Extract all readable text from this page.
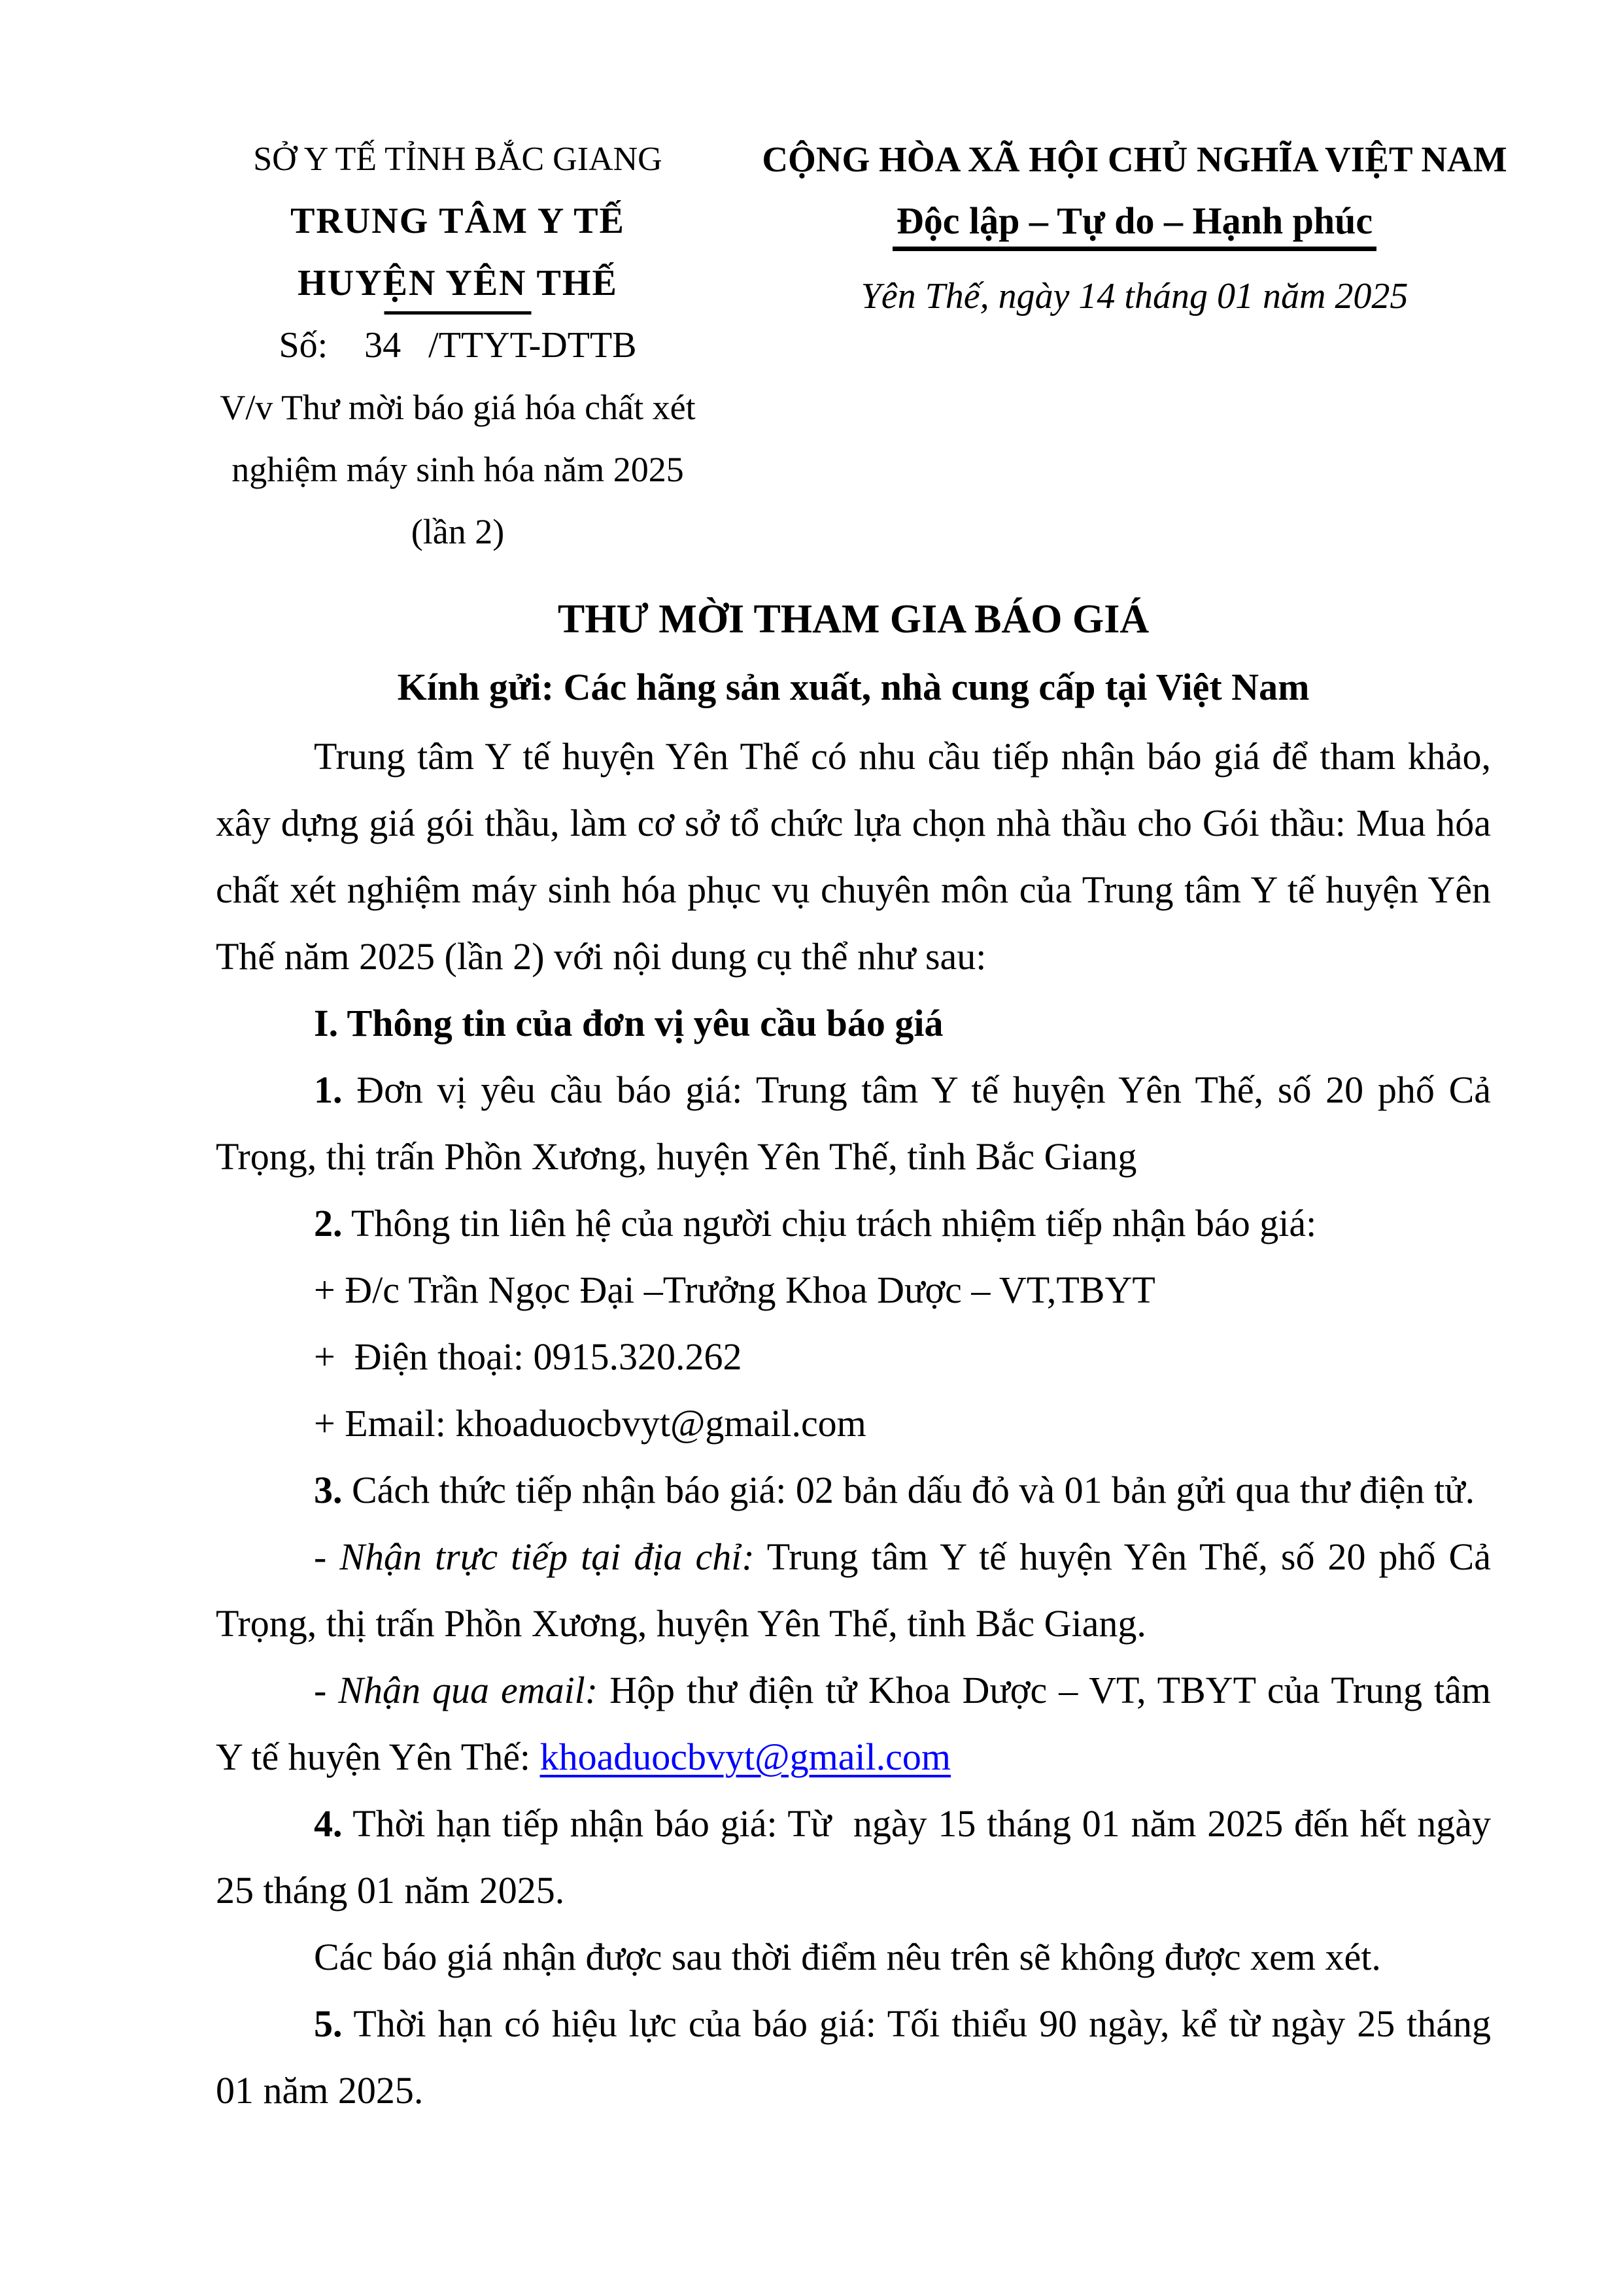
SỞ Y TẾ TỈNH BẮC GIANG
TRUNG TÂM Y TẾ
HUYỆN YÊN THẾ
Số:    34   /TTYT-DTTB
V/v Thư mời báo giá hóa chất xét
nghiệm máy sinh hóa năm 2025
(lần 2)
CỘNG HÒA XÃ HỘI CHỦ NGHĨA VIỆT NAM
Độc lập – Tự do – Hạnh phúc
Yên Thế, ngày 14 tháng 01 năm 2025
THƯ MỜI THAM GIA BÁO GIÁ
Kính gửi: Các hãng sản xuất, nhà cung cấp tại Việt Nam

Trung tâm Y tế huyện Yên Thế có nhu cầu tiếp nhận báo giá để tham khảo, xây dựng giá gói thầu, làm cơ sở tổ chức lựa chọn nhà thầu cho Gói thầu: Mua hóa chất xét nghiệm máy sinh hóa phục vụ chuyên môn của Trung tâm Y tế huyện Yên Thế năm 2025 (lần 2) với nội dung cụ thể như sau:

I. Thông tin của đơn vị yêu cầu báo giá

1. Đơn vị yêu cầu báo giá: Trung tâm Y tế huyện Yên Thế, số 20 phố Cả Trọng, thị trấn Phồn Xương, huyện Yên Thế, tỉnh Bắc Giang

2. Thông tin liên hệ của người chịu trách nhiệm tiếp nhận báo giá:

+ Đ/c Trần Ngọc Đại –Trưởng Khoa Dược – VT,TBYT

+  Điện thoại: 0915.320.262

+ Email: khoaduocbvyt@gmail.com

3. Cách thức tiếp nhận báo giá: 02 bản dấu đỏ và 01 bản gửi qua thư điện tử.

- Nhận trực tiếp tại địa chỉ: Trung tâm Y tế huyện Yên Thế, số 20 phố Cả Trọng, thị trấn Phồn Xương, huyện Yên Thế, tỉnh Bắc Giang.

- Nhận qua email: Hộp thư điện tử Khoa Dược – VT, TBYT của Trung tâm Y tế huyện Yên Thế: khoaduocbvyt@gmail.com

4. Thời hạn tiếp nhận báo giá: Từ  ngày 15 tháng 01 năm 2025 đến hết ngày 25 tháng 01 năm 2025.

Các báo giá nhận được sau thời điểm nêu trên sẽ không được xem xét.

5. Thời hạn có hiệu lực của báo giá: Tối thiểu 90 ngày, kể từ ngày 25 tháng 01 năm 2025.
